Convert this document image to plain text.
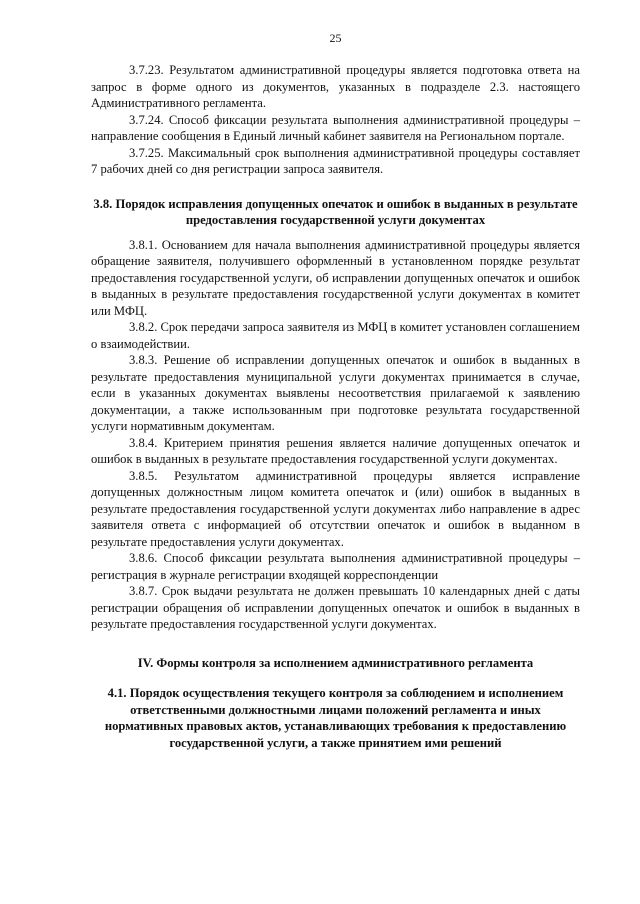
25

3.7.23. Результатом административной процедуры является подготовка ответа на запрос в форме одного из документов, указанных в подразделе 2.3. настоящего Административного регламента.

3.7.24. Способ фиксации результата выполнения административной процедуры – направление сообщения в Единый личный кабинет заявителя на Региональном портале.

3.7.25. Максимальный срок выполнения административной процедуры составляет 7 рабочих дней со дня регистрации запроса заявителя.

3.8. Порядок исправления допущенных опечаток и ошибок в выданных в результате предоставления государственной услуги документах

3.8.1. Основанием для начала выполнения административной процедуры является обращение заявителя, получившего оформленный в установленном порядке результат предоставления государственной услуги, об исправлении допущенных опечаток и ошибок в выданных в результате предоставления государственной услуги документах в комитет или МФЦ.

3.8.2. Срок передачи запроса заявителя из МФЦ в комитет установлен соглашением о взаимодействии.

3.8.3. Решение об исправлении допущенных опечаток и ошибок в выданных в результате предоставления муниципальной услуги документах принимается в случае, если в указанных документах выявлены несоответствия прилагаемой к заявлению документации, а также использованным при подготовке результата государственной услуги нормативным документам.

3.8.4. Критерием принятия решения является наличие допущенных опечаток и ошибок в выданных в результате предоставления государственной услуги документах.

3.8.5. Результатом административной процедуры является исправление допущенных должностным лицом комитета опечаток и (или) ошибок в выданных в результате предоставления государственной услуги документах либо направление в адрес заявителя ответа с информацией об отсутствии опечаток и ошибок в выданном в результате предоставления услуги документах.

3.8.6. Способ фиксации результата выполнения административной процедуры – регистрация в журнале регистрации входящей корреспонденции

3.8.7. Срок выдачи результата не должен превышать 10 календарных дней с даты регистрации обращения об исправлении допущенных опечаток и ошибок в выданных в результате предоставления государственной услуги документах.

IV. Формы контроля за исполнением административного регламента
4.1. Порядок осуществления текущего контроля за соблюдением и исполнением ответственными должностными лицами положений регламента и иных нормативных правовых актов, устанавливающих требования к предоставлению государственной услуги, а также принятием ими решений
